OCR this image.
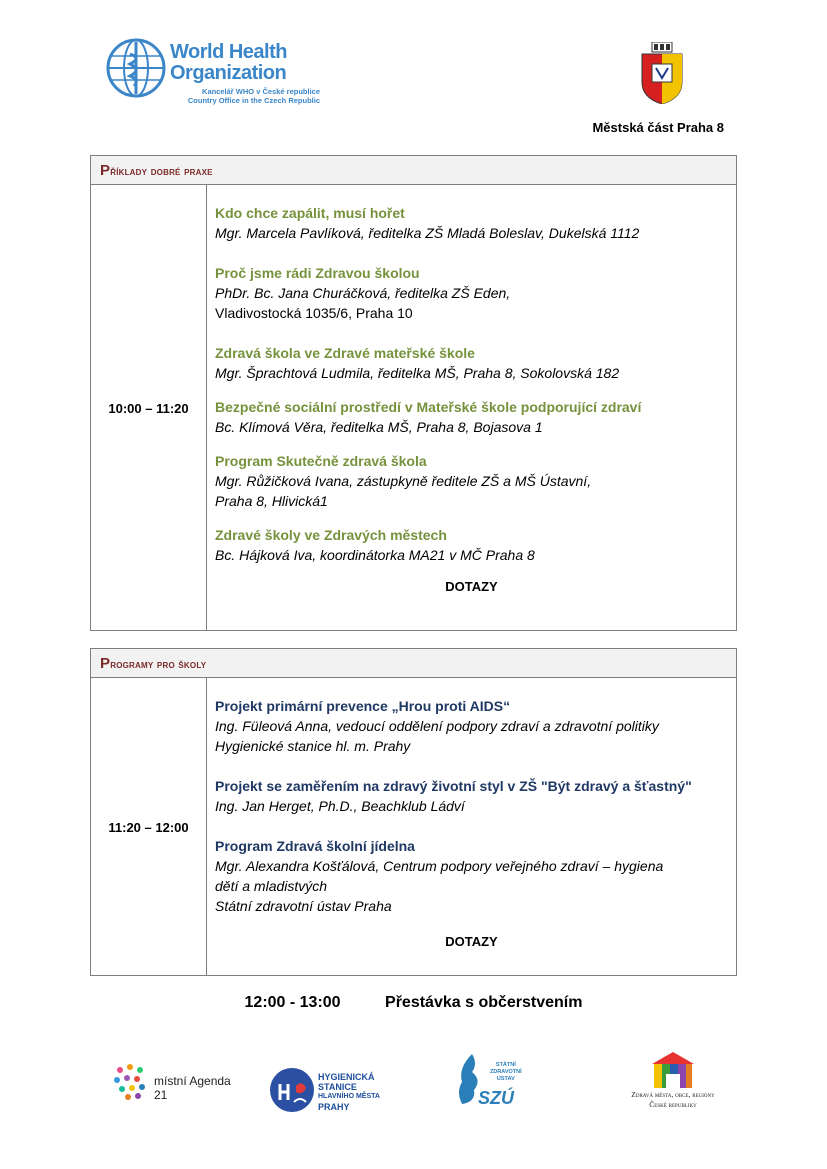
World Health
Organization
Kancelář WHO v České republice
Country Office in the Czech Republic
Městská část Praha 8
Příklady dobré praxe
10:00 – 11:20
Kdo chce zapálit, musí hořet
Mgr. Marcela Pavlíková, ředitelka ZŠ Mladá Boleslav, Dukelská 1112
Proč jsme rádi Zdravou školou
PhDr. Bc. Jana Churáčková, ředitelka ZŠ Eden,
Vladivostocká 1035/6, Praha 10
Zdravá škola ve Zdravé mateřské škole
Mgr. Šprachtová Ludmila, ředitelka MŠ, Praha 8, Sokolovská 182
Bezpečné sociální prostředí v Mateřské škole podporující zdraví
Bc. Klímová Věra, ředitelka MŠ, Praha 8, Bojasova 1
Program Skutečně zdravá škola
Mgr. Růžičková Ivana, zástupkyně ředitele ZŠ a MŠ Ústavní,
Praha 8, Hlivická1
Zdravé školy ve Zdravých městech
Bc. Hájková Iva, koordinátorka MA21 v MČ Praha 8
DOTAZY
Programy pro školy
11:20 – 12:00
Projekt primární prevence „Hrou proti AIDS“
Ing. Füleová Anna, vedoucí oddělení podpory zdraví a zdravotní politiky
Hygienické stanice hl. m. Prahy
Projekt se zaměřením na zdravý životní styl v ZŠ "Být zdravý a šťastný"
Ing. Jan Herget, Ph.D., Beachklub Ládví
Program Zdravá školní jídelna
Mgr. Alexandra Košťálová, Centrum podpory veřejného zdraví – hygiena
dětí a mladistvých
Státní zdravotní ústav Praha
DOTAZY
12:00 - 13:00	Přestávka s občerstvením
místní Agenda 21
HYGIENICKÁ
STANICE
HLAVNÍHO MĚSTA
PRAHY
STÁTNÍ
ZDRAVOTNÍ
ÚSTAV
SZÚ	Zdravá města, obce, regiony
České republiky
